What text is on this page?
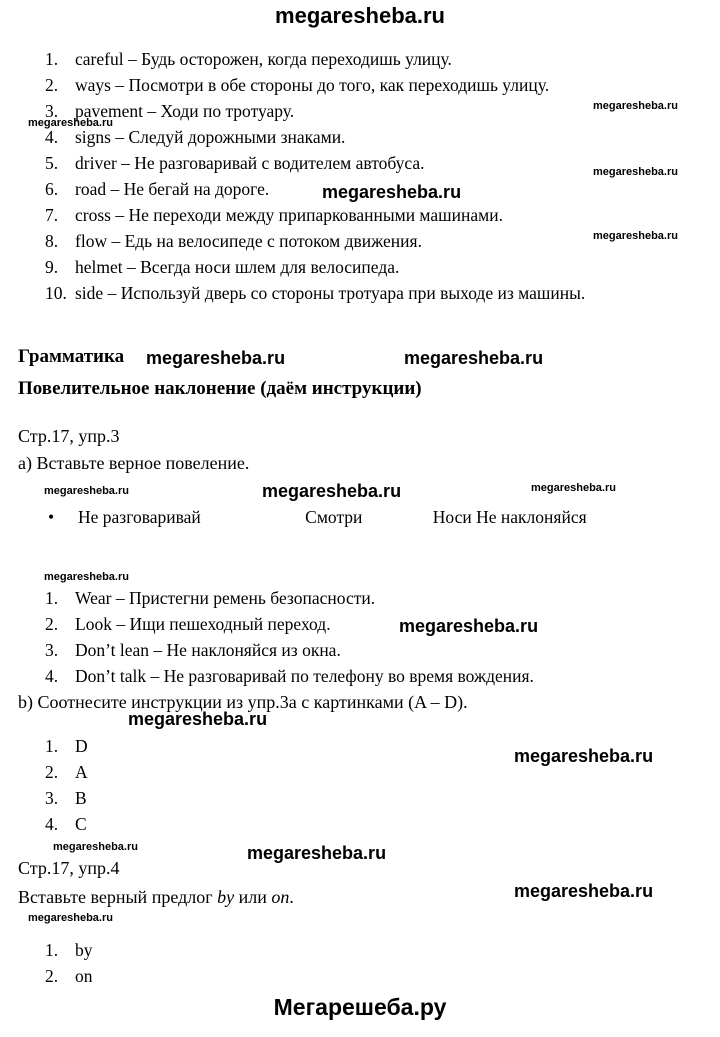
megaresheba.ru
careful – Будь осторожен, когда переходишь улицу.
ways – Посмотри в обе стороны до того, как переходишь улицу.
pavement – Ходи по тротуару.
signs – Следуй дорожными знаками.
driver – Не разговаривай с водителем автобуса.
road – Не бегай на дороге.
cross – Не переходи между припаркованными машинами.
flow – Едь на велосипеде с потоком движения.
helmet – Всегда носи шлем для велосипеда.
side – Используй дверь со стороны тротуара при выходе из машины.
Грамматика
Повелительное наклонение (даём инструкции)
Стр.17, упр.3
a) Вставьте верное повеление.
• Не разговаривай	Смотри	Носи Не наклоняйся
Wear – Пристегни ремень безопасности.
Look – Ищи пешеходный переход.
Don’t lean – Не наклоняйся из окна.
Don’t talk – Не разговаривай по телефону во время вождения.
b) Соотнесите инструкции из упр.3а с картинками (A – D).
D
A
B
C
Стр.17, упр.4
Вставьте верный предлог by или on.
by
on
Мегарешеба.ру
megaresheba.ru
megaresheba.ru
megaresheba.ru
megaresheba.ru
megaresheba.ru
megaresheba.ru	megaresheba.ru
megaresheba.ru	megaresheba.ru	megaresheba.ru
megaresheba.ru
megaresheba.ru
megaresheba.ru
megaresheba.ru
megaresheba.ru	megaresheba.ru
megaresheba.ru
megaresheba.ru
